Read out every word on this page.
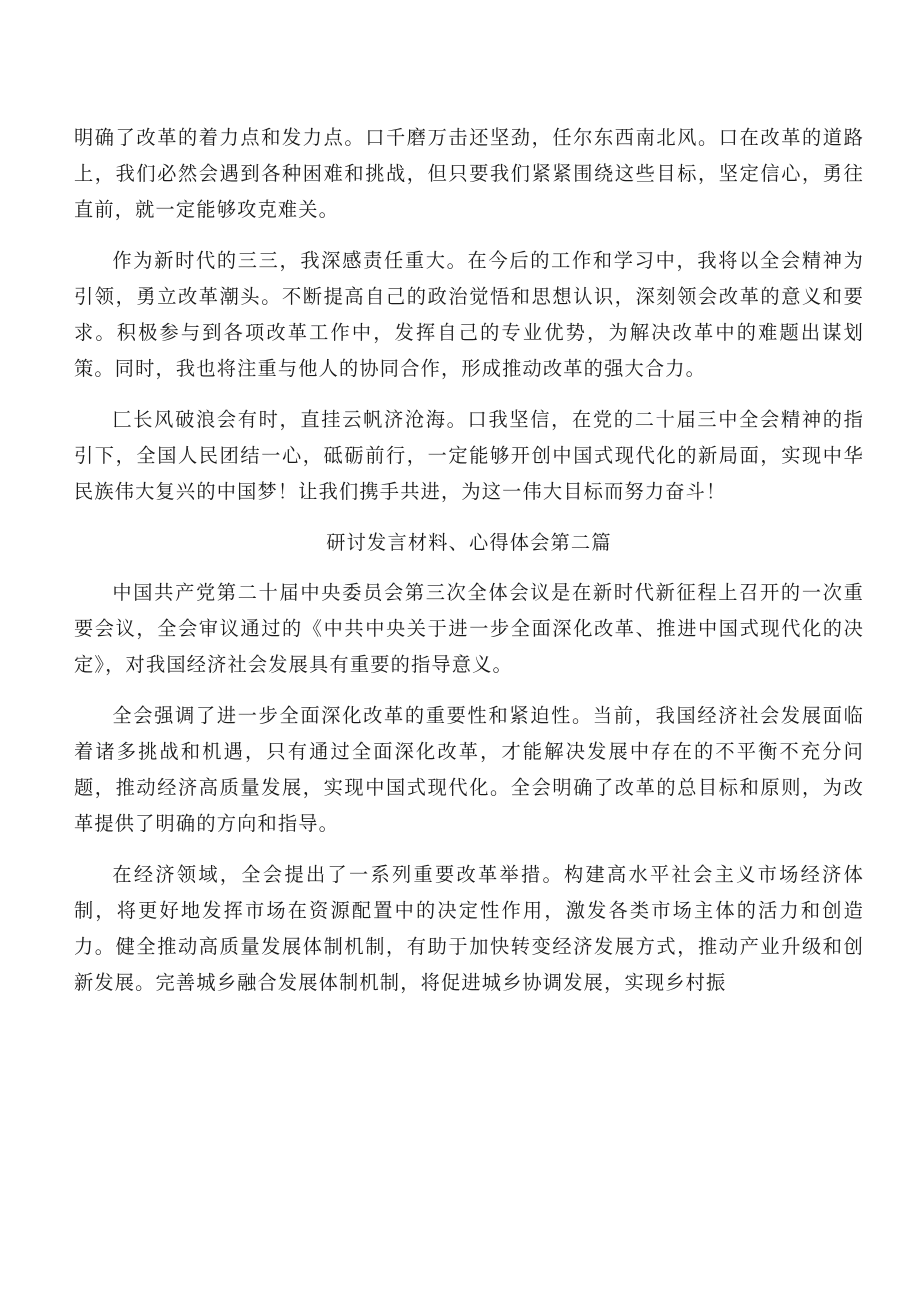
明确了改革的着力点和发力点。口千磨万击还坚劲，任尔东西南北风。口在改革的道路上，我们必然会遇到各种困难和挑战，但只要我们紧紧围绕这些目标，坚定信心，勇往直前，就一定能够攻克难关。

作为新时代的三三，我深感责任重大。在今后的工作和学习中，我将以全会精神为引领，勇立改革潮头。不断提高自己的政治觉悟和思想认识，深刻领会改革的意义和要求。积极参与到各项改革工作中，发挥自己的专业优势，为解决改革中的难题出谋划策。同时，我也将注重与他人的协同合作，形成推动改革的强大合力。

匚长风破浪会有时，直挂云帆济沧海。口我坚信，在党的二十届三中全会精神的指引下，全国人民团结一心，砥砺前行，一定能够开创中国式现代化的新局面，实现中华民族伟大复兴的中国梦！让我们携手共进，为这一伟大目标而努力奋斗！

研讨发言材料、心得体会第二篇

中国共产党第二十届中央委员会第三次全体会议是在新时代新征程上召开的一次重要会议，全会审议通过的《中共中央关于进一步全面深化改革、推进中国式现代化的决定》，对我国经济社会发展具有重要的指导意义。

全会强调了进一步全面深化改革的重要性和紧迫性。当前，我国经济社会发展面临着诸多挑战和机遇，只有通过全面深化改革，才能解决发展中存在的不平衡不充分问题，推动经济高质量发展，实现中国式现代化。全会明确了改革的总目标和原则，为改革提供了明确的方向和指导。

在经济领域，全会提出了一系列重要改革举措。构建高水平社会主义市场经济体制，将更好地发挥市场在资源配置中的决定性作用，激发各类市场主体的活力和创造力。健全推动高质量发展体制机制，有助于加快转变经济发展方式，推动产业升级和创新发展。完善城乡融合发展体制机制，将促进城乡协调发展，实现乡村振
